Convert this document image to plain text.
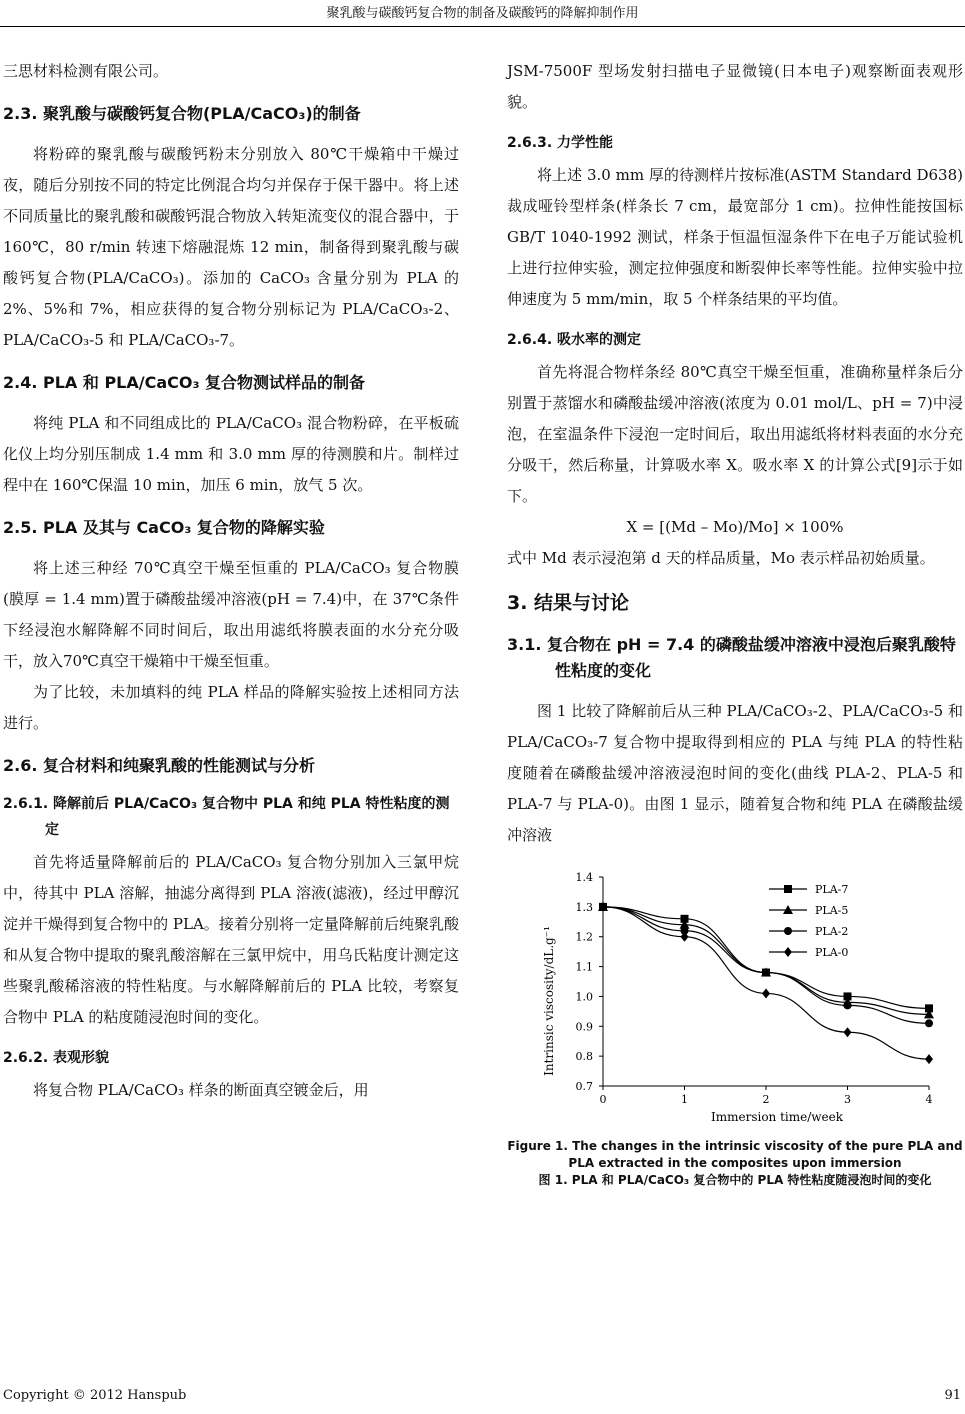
聚乳酸与碳酸钙复合物的制备及碳酸钙的降解抑制作用

三思材料检测有限公司。

2.3. 聚乳酸与碳酸钙复合物(PLA/CaCO₃)的制备

将粉碎的聚乳酸与碳酸钙粉末分别放入 80℃干燥箱中干燥过夜，随后分别按不同的特定比例混合均匀并保存于保干器中。将上述不同质量比的聚乳酸和碳酸钙混合物放入转矩流变仪的混合器中，于 160℃，80 r/min 转速下熔融混炼 12 min，制备得到聚乳酸与碳酸钙复合物(PLA/CaCO₃)。添加的 CaCO₃ 含量分别为 PLA 的 2%、5%和 7%，相应获得的复合物分别标记为 PLA/CaCO₃-2、PLA/CaCO₃-5 和 PLA/CaCO₃-7。

2.4. PLA 和 PLA/CaCO₃ 复合物测试样品的制备

将纯 PLA 和不同组成比的 PLA/CaCO₃ 混合物粉碎，在平板硫化仪上均分别压制成 1.4 mm 和 3.0 mm 厚的待测膜和片。制样过程中在 160℃保温 10 min，加压 6 min，放气 5 次。

2.5. PLA 及其与 CaCO₃ 复合物的降解实验

将上述三种经 70℃真空干燥至恒重的 PLA/CaCO₃ 复合物膜(膜厚 = 1.4 mm)置于磷酸盐缓冲溶液(pH = 7.4)中，在 37℃条件下经浸泡水解降解不同时间后，取出用滤纸将膜表面的水分充分吸干，放入70℃真空干燥箱中干燥至恒重。

为了比较，未加填料的纯 PLA 样品的降解实验按上述相同方法进行。

2.6. 复合材料和纯聚乳酸的性能测试与分析
2.6.1. 降解前后 PLA/CaCO₃ 复合物中 PLA 和纯 PLA 特性粘度的测定

首先将适量降解前后的 PLA/CaCO₃ 复合物分别加入三氯甲烷中，待其中 PLA 溶解，抽滤分离得到 PLA 溶液(滤液)，经过甲醇沉淀并干燥得到复合物中的 PLA。接着分别将一定量降解前后纯聚乳酸和从复合物中提取的聚乳酸溶解在三氯甲烷中，用乌氏粘度计测定这些聚乳酸稀溶液的特性粘度。与水解降解前后的 PLA 比较，考察复合物中 PLA 的粘度随浸泡时间的变化。

2.6.2. 表观形貌

将复合物 PLA/CaCO₃ 样条的断面真空镀金后，用

JSM-7500F 型场发射扫描电子显微镜(日本电子)观察断面表观形貌。

2.6.3. 力学性能

将上述 3.0 mm 厚的待测样片按标准(ASTM Standard D638)裁成哑铃型样条(样条长 7 cm，最宽部分 1 cm)。拉伸性能按国标 GB/T 1040-1992 测试，样条于恒温恒湿条件下在电子万能试验机上进行拉伸实验，测定拉伸强度和断裂伸长率等性能。拉伸实验中拉伸速度为 5 mm/min，取 5 个样条结果的平均值。

2.6.4. 吸水率的测定

首先将混合物样条经 80℃真空干燥至恒重，准确称量样条后分别置于蒸馏水和磷酸盐缓冲溶液(浓度为 0.01 mol/L、pH = 7)中浸泡，在室温条件下浸泡一定时间后，取出用滤纸将材料表面的水分充分吸干，然后称量，计算吸水率 X。吸水率 X 的计算公式[9]示于如下。

X = [(Md – Mo)/Mo] × 100%

式中 Md 表示浸泡第 d 天的样品质量，Mo 表示样品初始质量。

3. 结果与讨论
3.1. 复合物在 pH = 7.4 的磷酸盐缓冲溶液中浸泡后聚乳酸特性粘度的变化

图 1 比较了降解前后从三种 PLA/CaCO₃-2、PLA/CaCO₃-5 和 PLA/CaCO₃-7 复合物中提取得到相应的 PLA 与纯 PLA 的特性粘度随着在磷酸盐缓冲溶液浸泡时间的变化(曲线 PLA-2、PLA-5 和 PLA-7 与 PLA-0)。由图 1 显示，随着复合物和纯 PLA 在磷酸盐缓冲溶液

0.7
0.8
0.9
1.0
1.1
1.2
1.3
1.4
0	1	2	3	4
PLA-7
PLA-5
PLA-2
PLA-0
Immersion time/week
Intrinsic viscosity/dL.g⁻¹
Figure 1. The changes in the intrinsic viscosity of the pure PLA and PLA extracted in the composites upon immersion
图 1. PLA 和 PLA/CaCO₃ 复合物中的 PLA 特性粘度随浸泡时间的变化
Copyright © 2012 Hanspub	91
